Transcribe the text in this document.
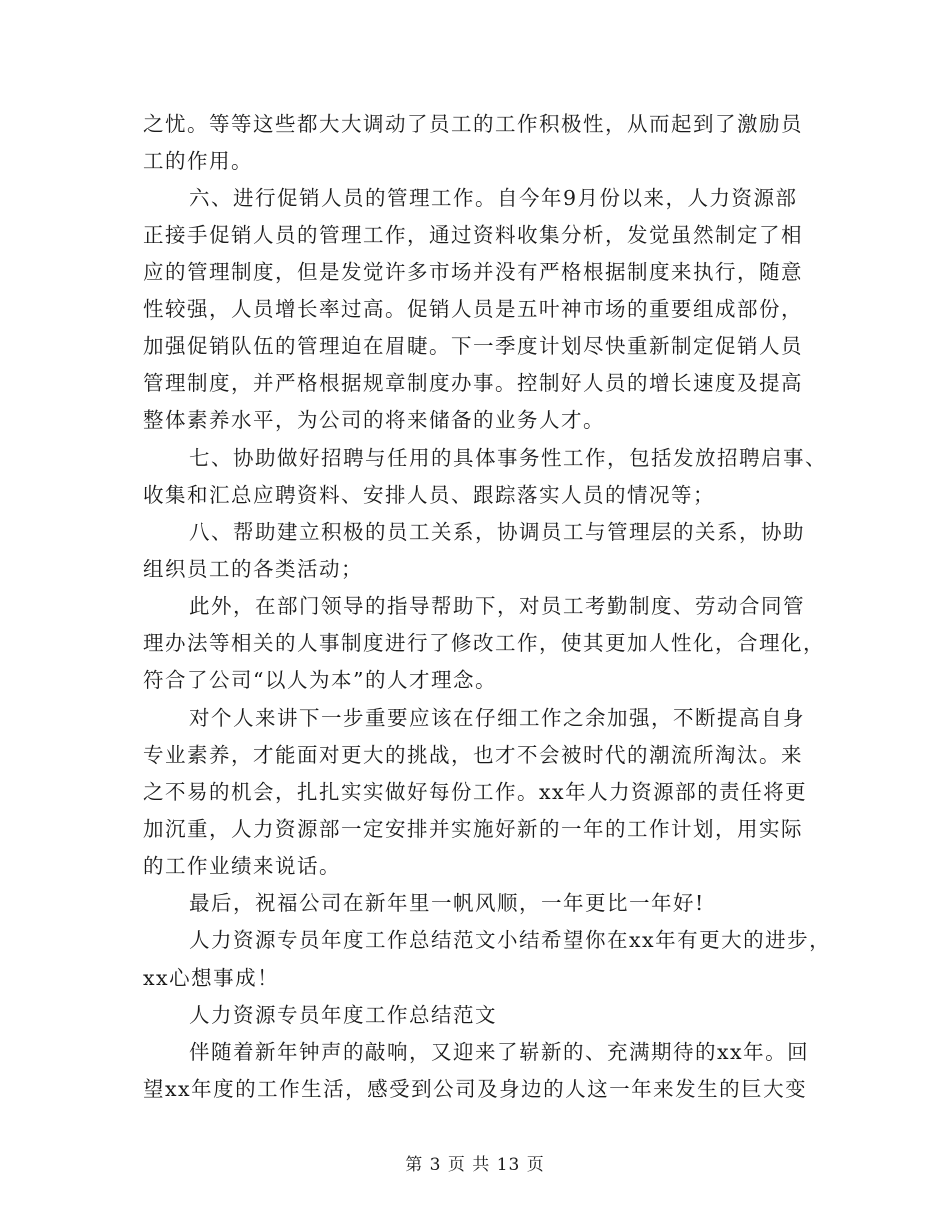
之忧。等等这些都大大调动了员工的工作积极性，从而起到了激励员
工的作用。
六、进行促销人员的管理工作。自今年9月份以来，人力资源部
正接手促销人员的管理工作，通过资料收集分析，发觉虽然制定了相
应的管理制度，但是发觉许多市场并没有严格根据制度来执行，随意
性较强，人员增长率过高。促销人员是五叶神市场的重要组成部份，
加强促销队伍的管理迫在眉睫。下一季度计划尽快重新制定促销人员
管理制度，并严格根据规章制度办事。控制好人员的增长速度及提高
整体素养水平，为公司的将来储备的业务人才。
七、协助做好招聘与任用的具体事务性工作，包括发放招聘启事、
收集和汇总应聘资料、安排人员、跟踪落实人员的情况等；
八、帮助建立积极的员工关系，协调员工与管理层的关系，协助
组织员工的各类活动；
此外，在部门领导的指导帮助下，对员工考勤制度、劳动合同管
理办法等相关的人事制度进行了修改工作，使其更加人性化，合理化，
符合了公司“以人为本”的人才理念。
对个人来讲下一步重要应该在仔细工作之余加强，不断提高自身
专业素养，才能面对更大的挑战，也才不会被时代的潮流所淘汰。来
之不易的机会，扎扎实实做好每份工作。xx年人力资源部的责任将更
加沉重，人力资源部一定安排并实施好新的一年的工作计划，用实际
的工作业绩来说话。
最后，祝福公司在新年里一帆风顺，一年更比一年好!
人力资源专员年度工作总结范文小结希望你在xx年有更大的进步，
xx心想事成！
人力资源专员年度工作总结范文
伴随着新年钟声的敲响，又迎来了崭新的、充满期待的xx年。回
望xx年度的工作生活，感受到公司及身边的人这一年来发生的巨大变
第 3 页 共 13 页
